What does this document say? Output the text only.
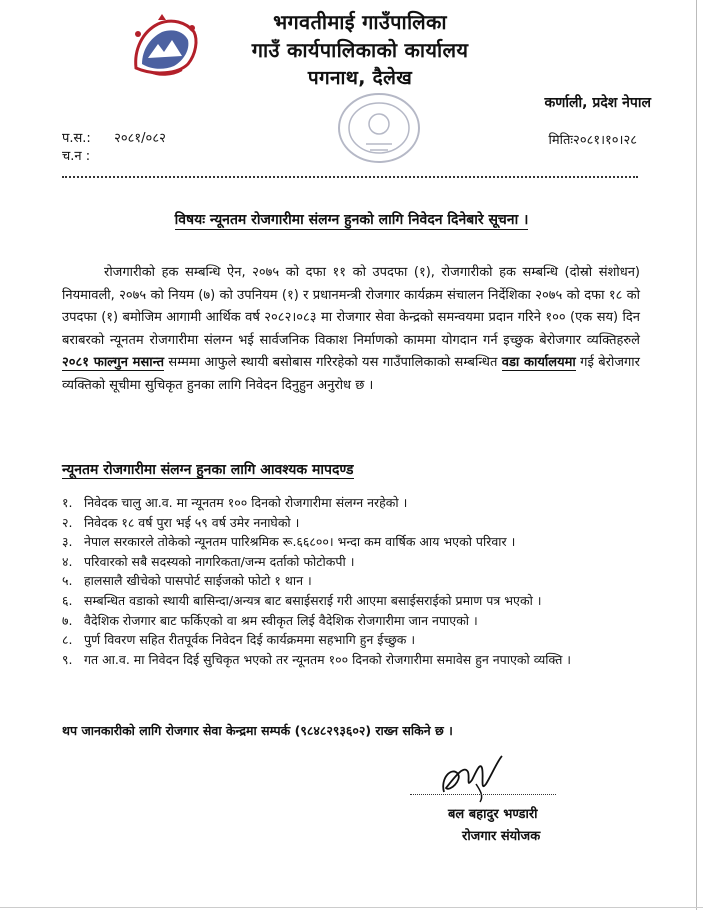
भगवतीमाई गाउँपालिका
गाउँ कार्यपालिकाको कार्यालय
पगनाथ, दैलेख
कर्णाली, प्रदेश नेपाल
प.स.: २०८१/०८२
च.न :
मितिः२०८१।१०।२८
विषयः न्यूनतम रोजगारीमा संलग्न हुनको लागि निवेदन दिनेबारे सूचना ।
रोजगारीको हक सम्बन्धि ऐन, २०७५ को दफा ११ को उपदफा (१), रोजगारीको हक सम्बन्धि (दोस्रो संशोधन) नियमावली, २०७५ को नियम (७) को उपनियम (१) र प्रधानमन्त्री रोजगार कार्यक्रम संचालन निर्देशिका २०७५ को दफा १८ को उपदफा (१) बमोजिम आगामी आर्थिक वर्ष २०८२।०८३ मा रोजगार सेवा केन्द्रको समन्वयमा प्रदान गरिने १०० (एक सय) दिन बराबरको न्यूनतम रोजगारीमा संलग्न भई सार्वजनिक विकाश निर्माणको काममा योगदान गर्न इच्छुक बेरोजगार व्यक्तिहरुले २०८१ फाल्गुन मसान्त सम्ममा आफुले स्थायी बसोबास गरिरहेको यस गाउँपालिकाको सम्बन्धित वडा कार्यालयमा गई बेरोजगार व्यक्तिको सूचीमा सुचिकृत हुनका लागि निवेदन दिनुहुन अनुरोध छ ।
न्यूनतम रोजगारीमा संलग्न हुनका लागि आवश्यक मापदण्ड
१. निवेदक चालु आ.व. मा न्यूनतम १०० दिनको रोजगारीमा संलग्न नरहेको ।
२. निवेदक १८ वर्ष पुरा भई ५९ वर्ष उमेर ननाघेको ।
३. नेपाल सरकारले तोकेको न्यूनतम पारिश्रमिक रू.६६८००। भन्दा कम वार्षिक आय भएको परिवार ।
४. परिवारको सबै सदस्यको नागरिकता/जन्म दर्ताको फोटोकपी ।
५. हालसालै खीचेको पासपोर्ट साईजको फोटो १ थान ।
६. सम्बन्धित वडाको स्थायी बासिन्दा/अन्यत्र बाट बसाईसराई गरी आएमा बसाईसराईको प्रमाण पत्र भएको ।
७. वैदेशिक रोजगार बाट फर्किएको वा श्रम स्वीकृत लिई वैदेशिक रोजगारीमा जान नपाएको ।
८. पुर्ण विवरण सहित रीतपूर्वक निवेदन दिई कार्यक्रममा सहभागि हुन ईच्छुक ।
९. गत आ.व. मा निवेदन दिई सुचिकृत भएको तर न्यूनतम १०० दिनको रोजगारीमा समावेस हुन नपाएको व्यक्ति ।
थप जानकारीको लागि रोजगार सेवा केन्द्रमा सम्पर्क (९८४८२९३६०२) राख्न सकिने छ ।
बल बहादुर भण्डारी
रोजगार संयोजक
